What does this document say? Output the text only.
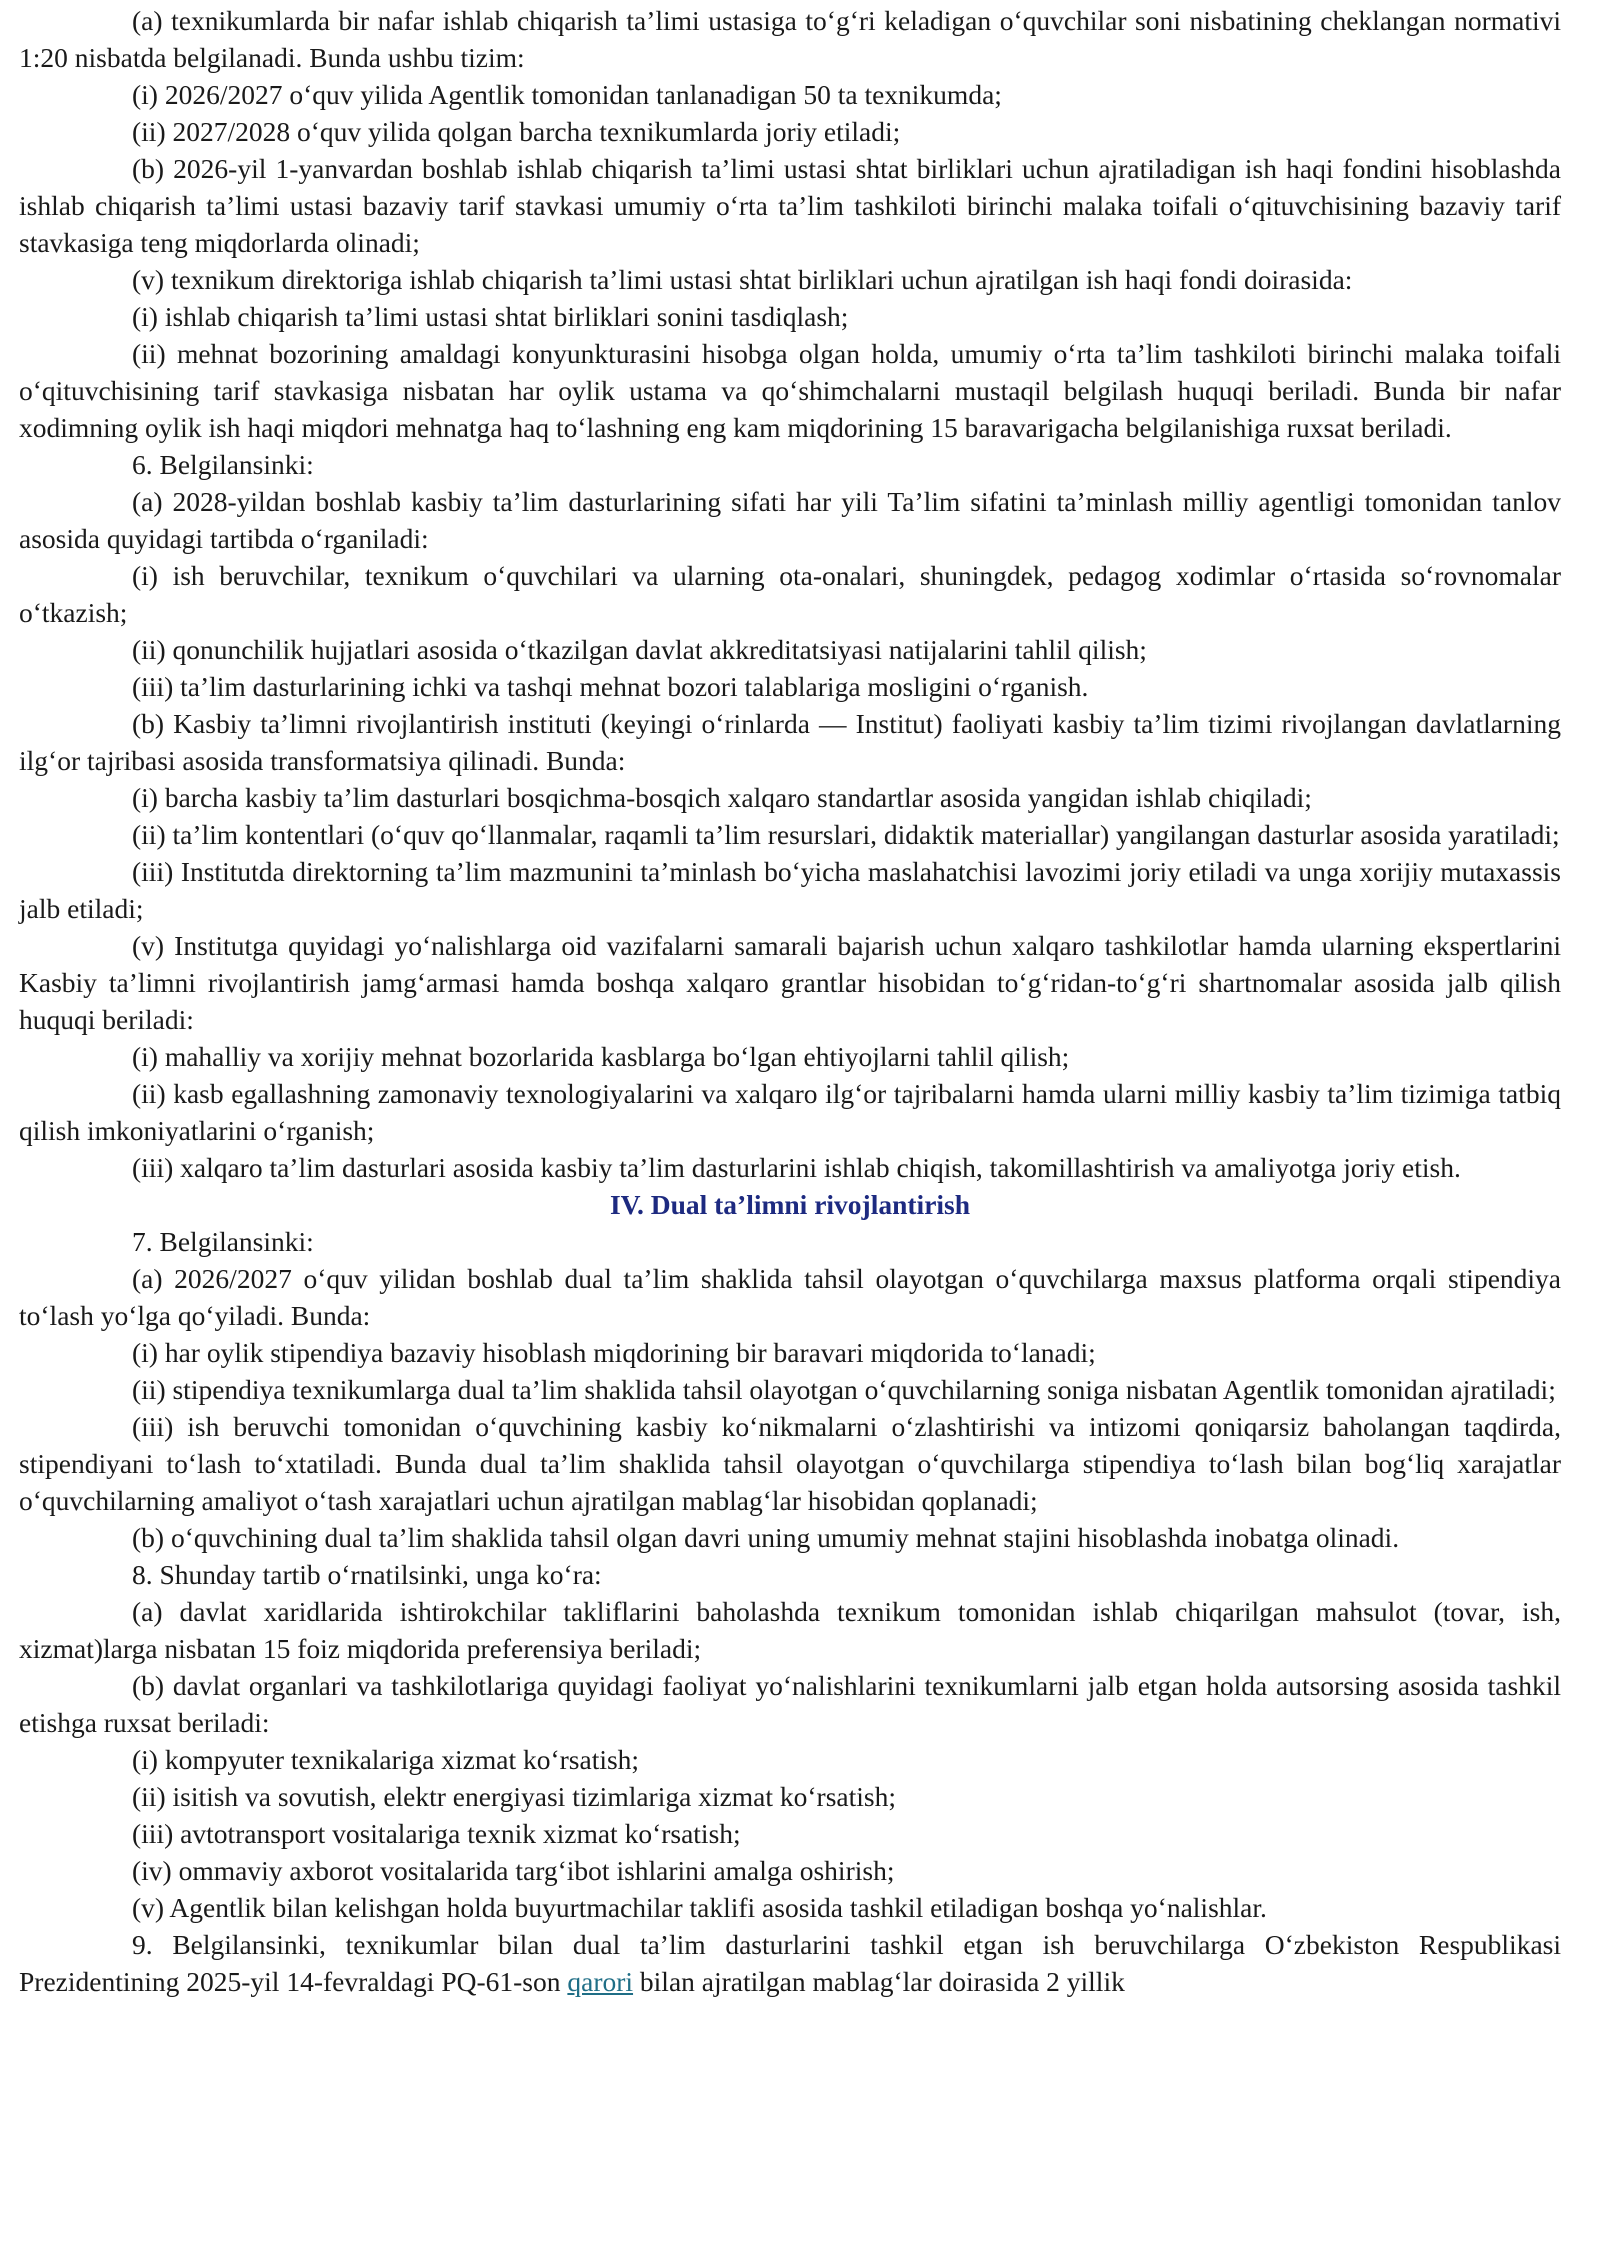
(a) texnikumlarda bir nafar ishlab chiqarish ta’limi ustasiga to‘g‘ri keladigan o‘quvchilar soni nisbatining cheklangan normativi 1:20 nisbatda belgilanadi. Bunda ushbu tizim:

(i) 2026/2027 o‘quv yilida Agentlik tomonidan tanlanadigan 50 ta texnikumda;

(ii) 2027/2028 o‘quv yilida qolgan barcha texnikumlarda joriy etiladi;

(b) 2026-yil 1-yanvardan boshlab ishlab chiqarish ta’limi ustasi shtat birliklari uchun ajratiladigan ish haqi fondini hisoblashda ishlab chiqarish ta’limi ustasi bazaviy tarif stavkasi umumiy o‘rta ta’lim tashkiloti birinchi malaka toifali o‘qituvchisining bazaviy tarif stavkasiga teng miqdorlarda olinadi;

(v) texnikum direktoriga ishlab chiqarish ta’limi ustasi shtat birliklari uchun ajratilgan ish haqi fondi doirasida:

(i) ishlab chiqarish ta’limi ustasi shtat birliklari sonini tasdiqlash;

(ii) mehnat bozorining amaldagi konyunkturasini hisobga olgan holda, umumiy o‘rta ta’lim tashkiloti birinchi malaka toifali o‘qituvchisining tarif stavkasiga nisbatan har oylik ustama va qo‘shimchalarni mustaqil belgilash huquqi beriladi. Bunda bir nafar xodimning oylik ish haqi miqdori mehnatga haq to‘lashning eng kam miqdorining 15 baravarigacha belgilanishiga ruxsat beriladi.

6. Belgilansinki:

(a) 2028-yildan boshlab kasbiy ta’lim dasturlarining sifati har yili Ta’lim sifatini ta’minlash milliy agentligi tomonidan tanlov asosida quyidagi tartibda o‘rganiladi:

(i) ish beruvchilar, texnikum o‘quvchilari va ularning ota-onalari, shuningdek, pedagog xodimlar o‘rtasida so‘rovnomalar o‘tkazish;

(ii) qonunchilik hujjatlari asosida o‘tkazilgan davlat akkreditatsiyasi natijalarini tahlil qilish;

(iii) ta’lim dasturlarining ichki va tashqi mehnat bozori talablariga mosligini o‘rganish.

(b) Kasbiy ta’limni rivojlantirish instituti (keyingi o‘rinlarda — Institut) faoliyati kasbiy ta’lim tizimi rivojlangan davlatlarning ilg‘or tajribasi asosida transformatsiya qilinadi. Bunda:

(i) barcha kasbiy ta’lim dasturlari bosqichma-bosqich xalqaro standartlar asosida yangidan ishlab chiqiladi;

(ii) ta’lim kontentlari (o‘quv qo‘llanmalar, raqamli ta’lim resurslari, didaktik materiallar) yangilangan dasturlar asosida yaratiladi;

(iii) Institutda direktorning ta’lim mazmunini ta’minlash bo‘yicha maslahatchisi lavozimi joriy etiladi va unga xorijiy mutaxassis jalb etiladi;

(v) Institutga quyidagi yo‘nalishlarga oid vazifalarni samarali bajarish uchun xalqaro tashkilotlar hamda ularning ekspertlarini Kasbiy ta’limni rivojlantirish jamg‘armasi hamda boshqa xalqaro grantlar hisobidan to‘g‘ridan-to‘g‘ri shartnomalar asosida jalb qilish huquqi beriladi:

(i) mahalliy va xorijiy mehnat bozorlarida kasblarga bo‘lgan ehtiyojlarni tahlil qilish;

(ii) kasb egallashning zamonaviy texnologiyalarini va xalqaro ilg‘or tajribalarni hamda ularni milliy kasbiy ta’lim tizimiga tatbiq qilish imkoniyatlarini o‘rganish;

(iii) xalqaro ta’lim dasturlari asosida kasbiy ta’lim dasturlarini ishlab chiqish, takomillashtirish va amaliyotga joriy etish.

IV. Dual ta’limni rivojlantirish

7. Belgilansinki:

(a) 2026/2027 o‘quv yilidan boshlab dual ta’lim shaklida tahsil olayotgan o‘quvchilarga maxsus platforma orqali stipendiya to‘lash yo‘lga qo‘yiladi. Bunda:

(i) har oylik stipendiya bazaviy hisoblash miqdorining bir baravari miqdorida to‘lanadi;

(ii) stipendiya texnikumlarga dual ta’lim shaklida tahsil olayotgan o‘quvchilarning soniga nisbatan Agentlik tomonidan ajratiladi;

(iii) ish beruvchi tomonidan o‘quvchining kasbiy ko‘nikmalarni o‘zlashtirishi va intizomi qoniqarsiz baholangan taqdirda, stipendiyani to‘lash to‘xtatiladi. Bunda dual ta’lim shaklida tahsil olayotgan o‘quvchilarga stipendiya to‘lash bilan bog‘liq xarajatlar o‘quvchilarning amaliyot o‘tash xarajatlari uchun ajratilgan mablag‘lar hisobidan qoplanadi;

(b) o‘quvchining dual ta’lim shaklida tahsil olgan davri uning umumiy mehnat stajini hisoblashda inobatga olinadi.

8. Shunday tartib o‘rnatilsinki, unga ko‘ra:

(a) davlat xaridlarida ishtirokchilar takliflarini baholashda texnikum tomonidan ishlab chiqarilgan mahsulot (tovar, ish, xizmat)larga nisbatan 15 foiz miqdorida preferensiya beriladi;

(b) davlat organlari va tashkilotlariga quyidagi faoliyat yo‘nalishlarini texnikumlarni jalb etgan holda autsorsing asosida tashkil etishga ruxsat beriladi:

(i) kompyuter texnikalariga xizmat ko‘rsatish;

(ii) isitish va sovutish, elektr energiyasi tizimlariga xizmat ko‘rsatish;

(iii) avtotransport vositalariga texnik xizmat ko‘rsatish;

(iv) ommaviy axborot vositalarida targ‘ibot ishlarini amalga oshirish;

(v) Agentlik bilan kelishgan holda buyurtmachilar taklifi asosida tashkil etiladigan boshqa yo‘nalishlar.

9. Belgilansinki, texnikumlar bilan dual ta’lim dasturlarini tashkil etgan ish beruvchilarga O‘zbekiston Respublikasi Prezidentining 2025-yil 14-fevraldagi PQ-61-son qarori bilan ajratilgan mablag‘lar doirasida 2 yillik
